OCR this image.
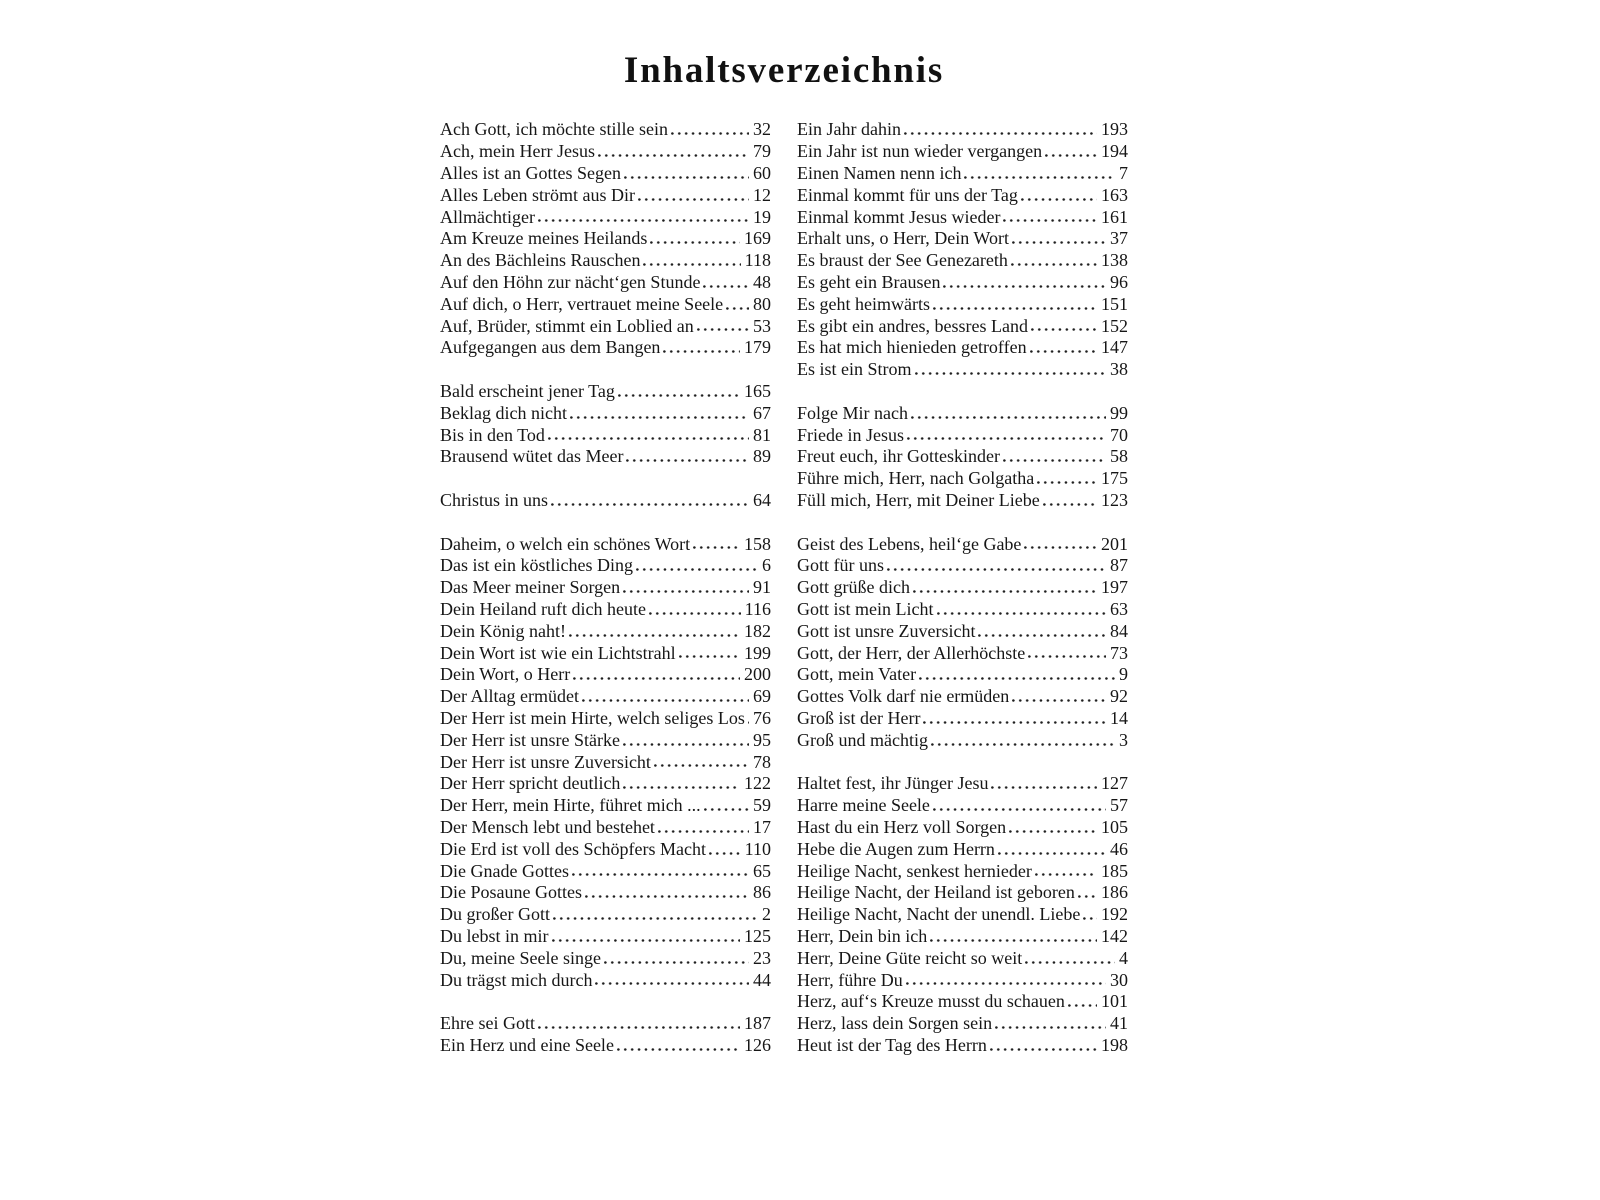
Inhaltsverzeichnis
Ach Gott, ich möchte stille sein	32
Ach, mein Herr Jesus	79
Alles ist an Gottes Segen	60
Alles Leben strömt aus Dir	12
Allmächtiger	19
Am Kreuze meines Heilands	169
An des Bächleins Rauschen	118
Auf den Höhn zur nächt‘gen Stunde	48
Auf dich, o Herr, vertrauet meine Seele 80
Auf, Brüder, stimmt ein Loblied an	53
Aufgegangen aus dem Bangen	179
Bald erscheint jener Tag	165
Beklag dich nicht	67
Bis in den Tod	81
Brausend wütet das Meer	89
Christus in uns	64
Daheim, o welch ein schönes Wort	158
Das ist ein köstliches Ding	6
Das Meer meiner Sorgen	91
Dein Heiland ruft dich heute	116
Dein König naht!	182
Dein Wort ist wie ein Lichtstrahl	199
Dein Wort, o Herr	200
Der Alltag ermüdet	69
Der Herr ist mein Hirte, welch seliges Los 76
Der Herr ist unsre Stärke	95
Der Herr ist unsre Zuversicht	78
Der Herr spricht deutlich	122
Der Herr, mein Hirte, führet mich ...	59
Der Mensch lebt und bestehet	17
Die Erd ist voll des Schöpfers Macht 110
Die Gnade Gottes	65
Die Posaune Gottes	86
Du großer Gott	2
Du lebst in mir	125
Du, meine Seele singe	23
Du trägst mich durch	44
Ehre sei Gott	187
Ein Herz und eine Seele	126
Ein Jahr dahin	193
Ein Jahr ist nun wieder vergangen	194
Einen Namen nenn ich	7
Einmal kommt für uns der Tag	163
Einmal kommt Jesus wieder	161
Erhalt uns, o Herr, Dein Wort	37
Es braust der See Genezareth	138
Es geht ein Brausen	96
Es geht heimwärts	151
Es gibt ein andres, bessres Land	152
Es hat mich hienieden getroffen	147
Es ist ein Strom	38
Folge Mir nach	99
Friede in Jesus	70
Freut euch, ihr Gotteskinder	58
Führe mich, Herr, nach Golgatha	175
Füll mich, Herr, mit Deiner Liebe	123
Geist des Lebens, heil‘ge Gabe	201
Gott für uns	87
Gott grüße dich	197
Gott ist mein Licht	63
Gott ist unsre Zuversicht	84
Gott, der Herr, der Allerhöchste	73
Gott, mein Vater	9
Gottes Volk darf nie ermüden	92
Groß ist der Herr	14
Groß und mächtig	3
Haltet fest, ihr Jünger Jesu	127
Harre meine Seele	57
Hast du ein Herz voll Sorgen	105
Hebe die Augen zum Herrn	46
Heilige Nacht, senkest hernieder	185
Heilige Nacht, der Heiland ist geboren 186
Heilige Nacht, Nacht der unendl. Liebe 192
Herr, Dein bin ich	142
Herr, Deine Güte reicht so weit	4
Herr, führe Du	30
Herz, auf‘s Kreuze musst du schauen 101
Herz, lass dein Sorgen sein	41
Heut ist der Tag des Herrn	198
